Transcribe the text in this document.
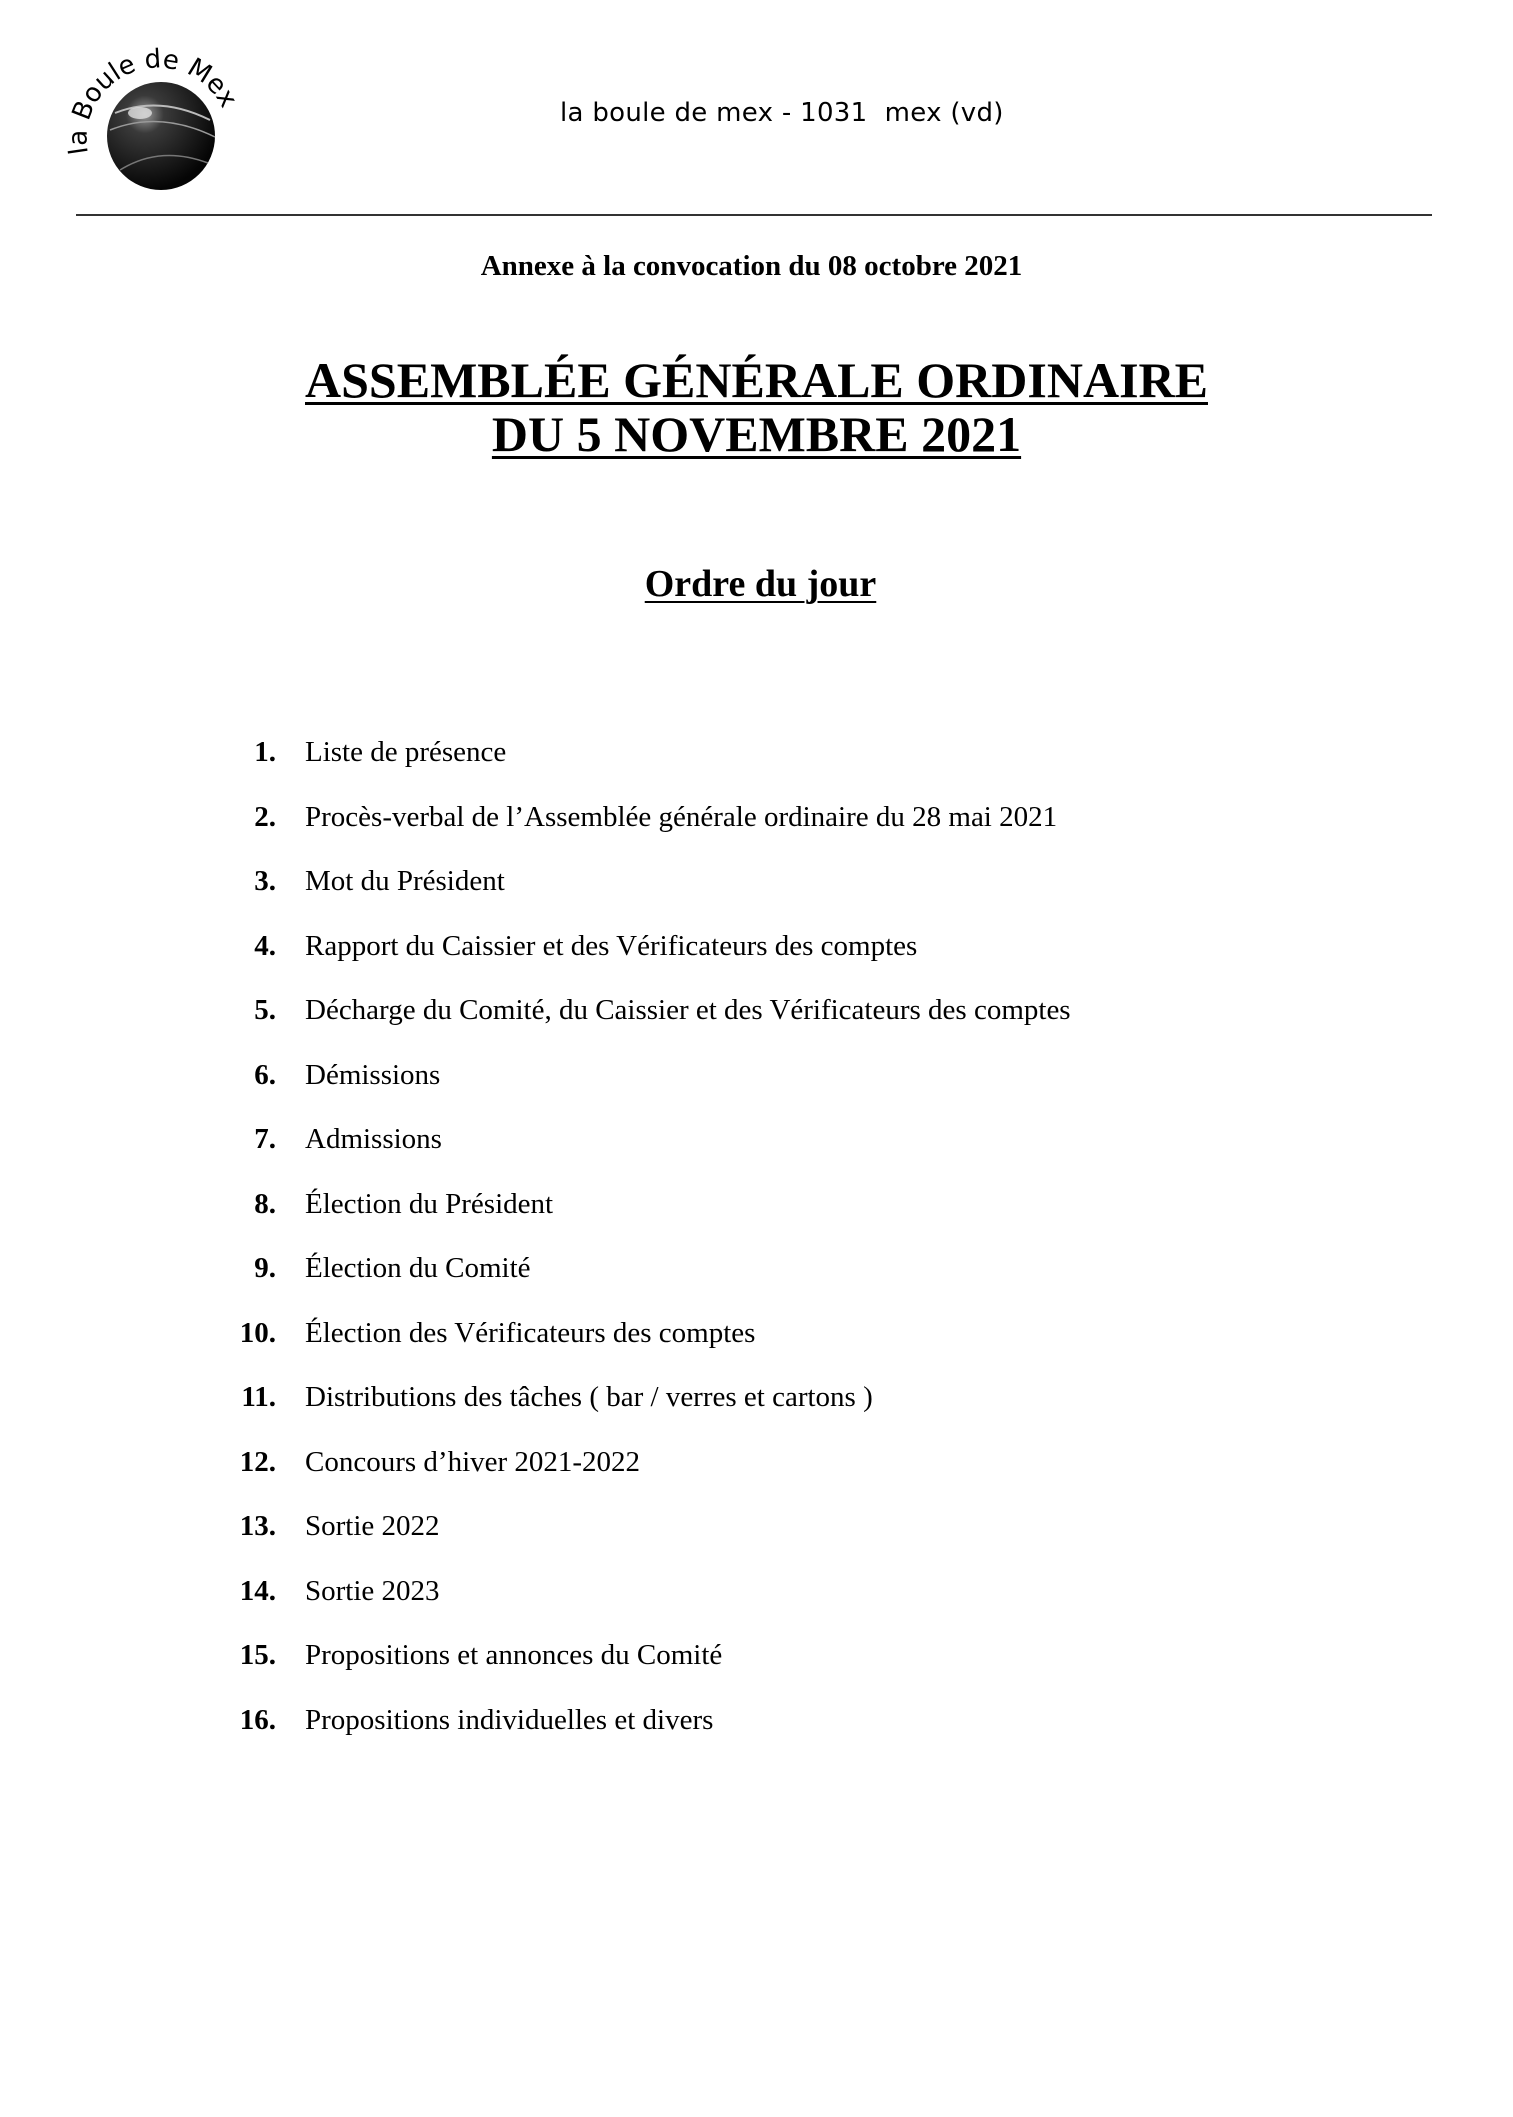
la Boule de Mex	la boule de mex - 1031  mex (vd)
Annexe à la convocation du 08 octobre 2021
ASSEMBLÉE GÉNÉRALE ORDINAIRE
DU 5 NOVEMBRE 2021
Ordre du jour
1. Liste de présence
2. Procès-verbal de l’Assemblée générale ordinaire du 28 mai 2021
3. Mot du Président
4. Rapport du Caissier et des Vérificateurs des comptes
5. Décharge du Comité, du Caissier et des Vérificateurs des comptes
6. Démissions
7. Admissions
8. Élection du Président
9. Élection du Comité
10. Élection des Vérificateurs des comptes
11. Distributions des tâches ( bar / verres et cartons )
12. Concours d’hiver 2021-2022
13. Sortie 2022
14. Sortie 2023
15. Propositions et annonces du Comité
16. Propositions individuelles et divers
